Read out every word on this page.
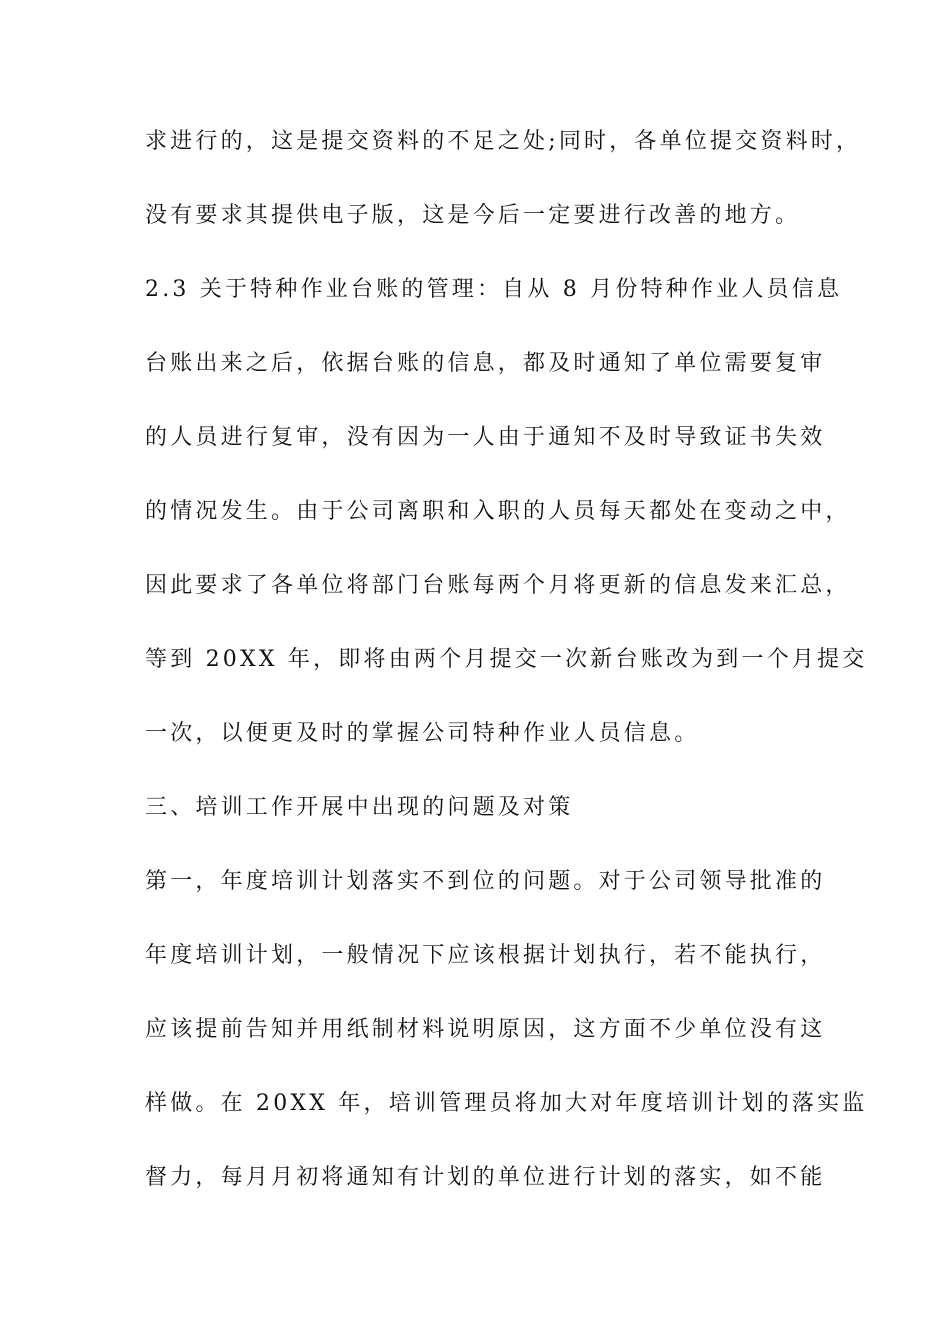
求进行的，这是提交资料的不足之处;同时，各单位提交资料时，

没有要求其提供电子版，这是今后一定要进行改善的地方。

2.3 关于特种作业台账的管理：自从 8 月份特种作业人员信息

台账出来之后，依据台账的信息，都及时通知了单位需要复审

的人员进行复审，没有因为一人由于通知不及时导致证书失效

的情况发生。由于公司离职和入职的人员每天都处在变动之中，

因此要求了各单位将部门台账每两个月将更新的信息发来汇总，

等到 20XX 年，即将由两个月提交一次新台账改为到一个月提交

一次，以便更及时的掌握公司特种作业人员信息。

三、培训工作开展中出现的问题及对策

第一，年度培训计划落实不到位的问题。对于公司领导批准的

年度培训计划，一般情况下应该根据计划执行，若不能执行，

应该提前告知并用纸制材料说明原因，这方面不少单位没有这

样做。在 20XX 年，培训管理员将加大对年度培训计划的落实监

督力，每月月初将通知有计划的单位进行计划的落实，如不能
